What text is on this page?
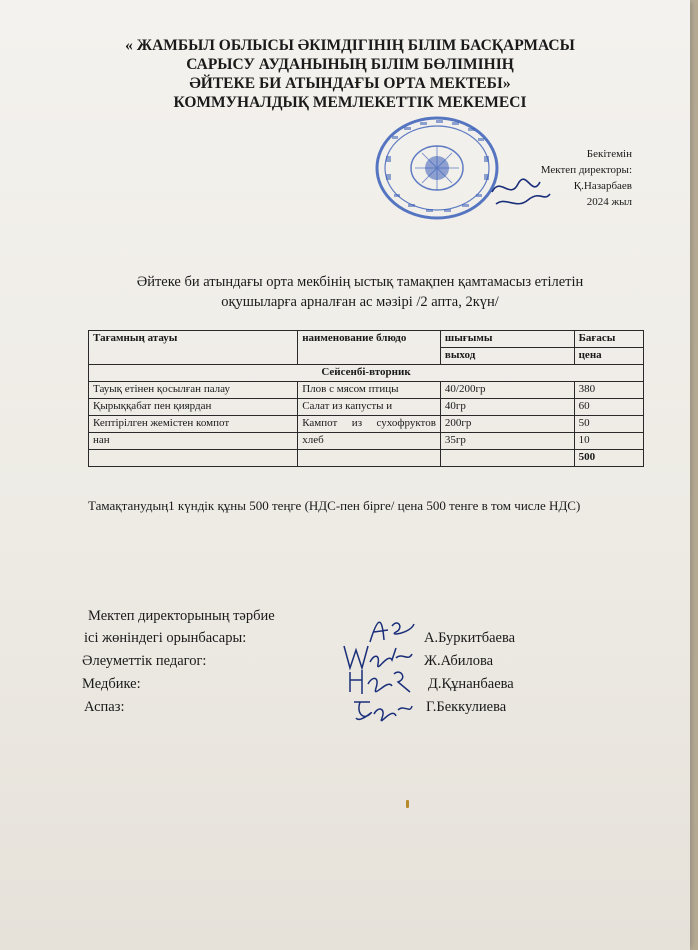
« ЖАМБЫЛ ОБЛЫСЫ ӘКІМДІГІНІҢ БІЛІМ БАСҚАРМАСЫ
САРЫСУ АУДАНЫНЫҢ БІЛІМ БӨЛІМІНІҢ
ӘЙТЕКЕ БИ АТЫНДАҒЫ ОРТА МЕКТЕБІ»
КОММУНАЛДЫҚ МЕМЛЕКЕТТІК МЕКЕМЕСІ
Бекітемін
Мектеп директоры:
Қ.Назарбаев
2024 жыл
Әйтеке би атындағы орта мекбінің ыстық тамақпен қамтамасыз етілетін
оқушыларға арналған ас мәзірі /2 апта, 2күн/
Тағамның атауы	наименование блюдо	шығымы	Бағасы
		выход	цена
Сейсенбі-вторник			
Тауық етінен қосылған палау	Плов с мясом птицы	40/200гр	380
Қырыққабат пен қиярдан	Салат из капусты и	40гр	60
Кептірілген жемістен компот	Кампот из сухофруктов	200гр	50
нан	хлеб	35гр	10
			500
Тамақтанудың1 күндік құны 500 теңге (НДС-пен бірге/ цена 500 тенге в том числе НДС)
Мектеп директорының тәрбие
ісі жөніндегі орынбасары:	А.Буркитбаева
Әлеуметтік педагог:	Ж.Абилова
Медбике:	Д.Құнанбаева
Аспаз:	Г.Беккулиева
